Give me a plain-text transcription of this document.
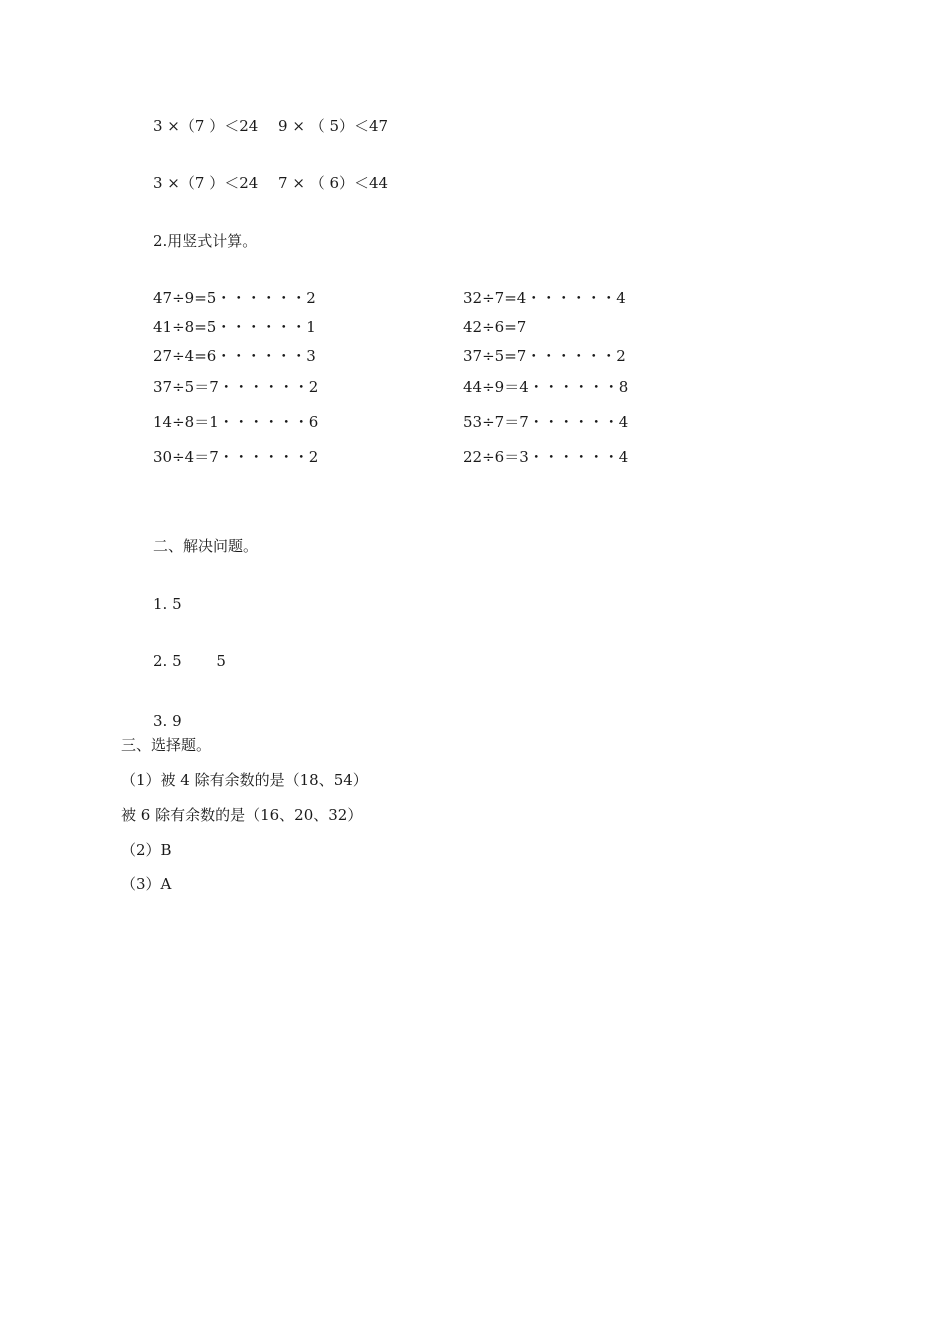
3 ×（7 ）＜24　 9 × （ 5）＜47
3 ×（7 ）＜24　 7 × （ 6）＜44
2.用竖式计算。
47÷9=5・・・・・・2
41÷8=5・・・・・・1
27÷4=6・・・・・・3
37÷5＝7・・・・・・2
14÷8＝1・・・・・・6
30÷4＝7・・・・・・2
32÷7=4・・・・・・4
42÷6=7
37÷5=7・・・・・・2
44÷9＝4・・・・・・8
53÷7＝7・・・・・・4
22÷6＝3・・・・・・4
二、解决问题。
1. 5
2. 5　　 5
3. 9
三、选择题。
（1）被 4 除有余数的是（18、54）
被 6 除有余数的是（16、20、32）
（2）B
（3）A
